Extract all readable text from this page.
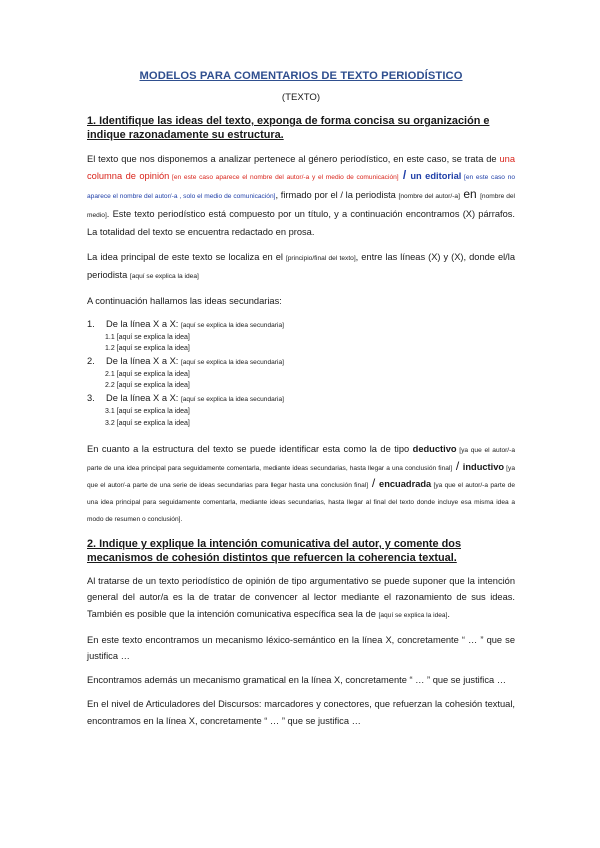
MODELOS PARA COMENTARIOS DE TEXTO PERIODÍSTICO

(TEXTO)

1. Identifique las ideas del texto, exponga de forma concisa su organización e indique razonadamente su estructura.

El texto que nos disponemos a analizar pertenece al género periodístico, en este caso, se trata de una columna de opinión [en este caso aparece el nombre del autor/-a y el medio de comunicación] / un editorial [en este caso no aparece el nombre del autor/-a , solo el medio de comunicación], firmado por el / la periodista [nombre del autor/-a] en [nombre del medio]. Este texto periodístico está compuesto por un título, y a continuación encontramos (X) párrafos. La totalidad del texto se encuentra redactado en prosa.

La idea principal de este texto se localiza en el [principio/final del texto], entre las líneas (X) y (X), donde el/la periodista [aquí se explica la idea]

A continuación hallamos las ideas secundarias:

1. De la línea X a X: [aquí se explica la idea secundaria]
1.1 [aquí se explica la idea]
1.2 [aquí se explica la idea]
2. De la línea X a X: [aquí se explica la idea secundaria]
2.1 [aquí se explica la idea]
2.2 [aquí se explica la idea]
3. De la línea X a X: [aquí se explica la idea secundaria]
3.1 [aquí se explica la idea]
3.2 [aquí se explica la idea]

En cuanto a la estructura del texto se puede identificar esta como la de tipo deductivo [ya que el autor/-a parte de una idea principal para seguidamente comentarla, mediante ideas secundarias, hasta llegar a una conclusión final] / inductivo [ya que el autor/-a parte de una serie de ideas secundarias para llegar hasta una conclusión final] / encuadrada [ya que el autor/-a parte de una idea principal para seguidamente comentarla, mediante ideas secundarias, hasta llegar al final del texto donde incluye esa misma idea a modo de resumen o conclusión].

2. Indique y explique la intención comunicativa del autor, y comente dos mecanismos de cohesión distintos que refuercen la coherencia textual.

Al tratarse de un texto periodístico de opinión de tipo argumentativo se puede suponer que la intención general del autor/a es la de tratar de convencer al lector mediante el razonamiento de sus ideas. También es posible que la intención comunicativa específica sea la de [aquí se explica la idea].

En este texto encontramos un mecanismo léxico-semántico en la línea X, concretamente “ … ” que se justifica …

Encontramos además un mecanismo gramatical en la línea X, concretamente “ … ” que se justifica …

En el nivel de Articuladores del Discursos: marcadores y conectores, que refuerzan la cohesión textual, encontramos en la línea X, concretamente “ … ” que se justifica …
